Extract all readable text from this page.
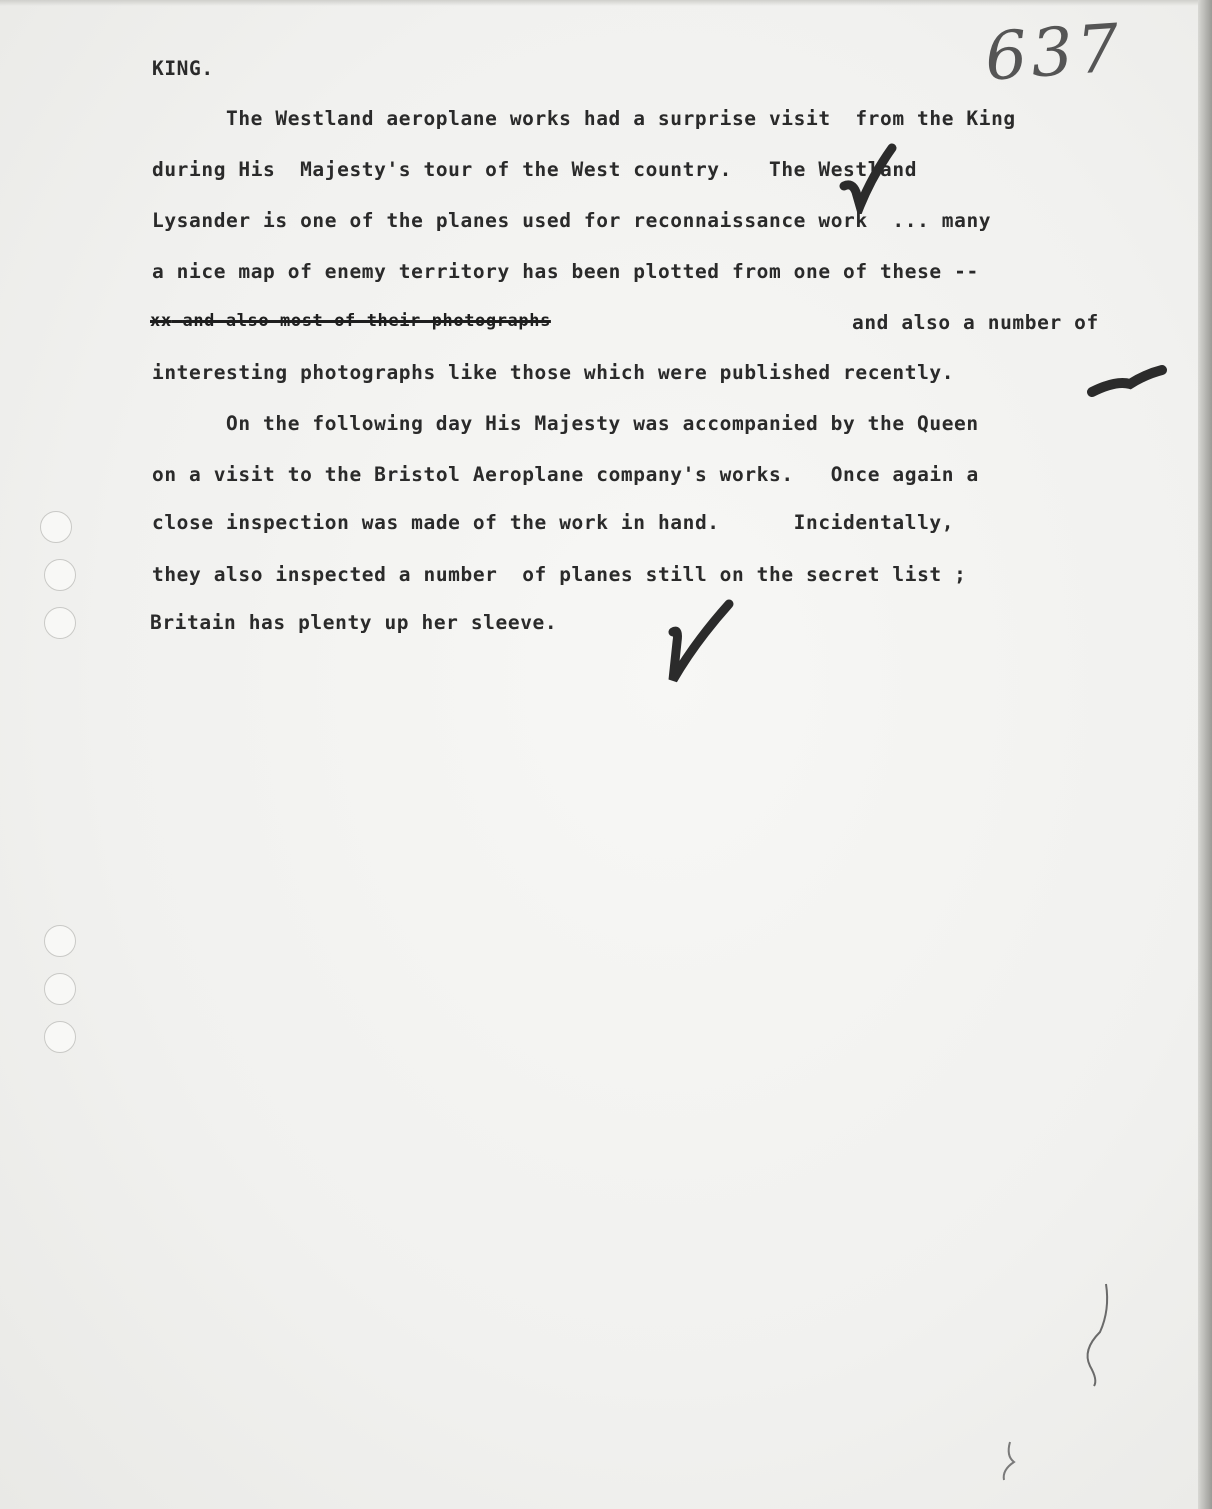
637

KING.

The Westland aeroplane works had a surprise visit  from the King

during His  Majesty's tour of the West country.   The Westland

Lysander is one of the planes used for reconnaissance work  ... many

a nice map of enemy territory has been plotted from one of these --

xx and also most of their photographs	and also a number of

interesting photographs like those which were published recently.

On the following day His Majesty was accompanied by the Queen

on a visit to the Bristol Aeroplane company's works.   Once again a

close inspection was made of the work in hand.      Incidentally,

they also inspected a number  of planes still on the secret list ;

Britain has plenty up her sleeve.
